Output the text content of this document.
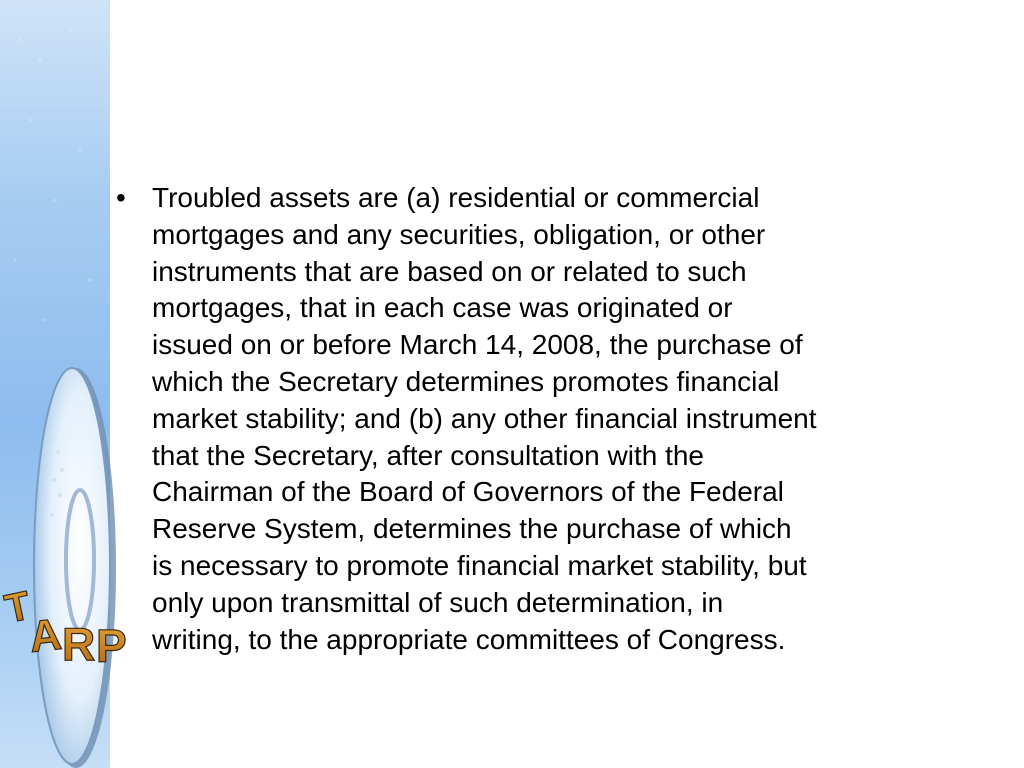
T
A
R P
• Troubled assets are (a) residential or commercial
mortgages and any securities, obligation, or other
instruments that are based on or related to such
mortgages, that in each case was originated or
issued on or before March 14, 2008, the purchase of
which the Secretary determines promotes financial
market stability; and (b) any other financial instrument
that the Secretary, after consultation with the
Chairman of the Board of Governors of the Federal
Reserve System, determines the purchase of which
is necessary to promote financial market stability, but
only upon transmittal of such determination, in
writing, to the appropriate committees of Congress.
